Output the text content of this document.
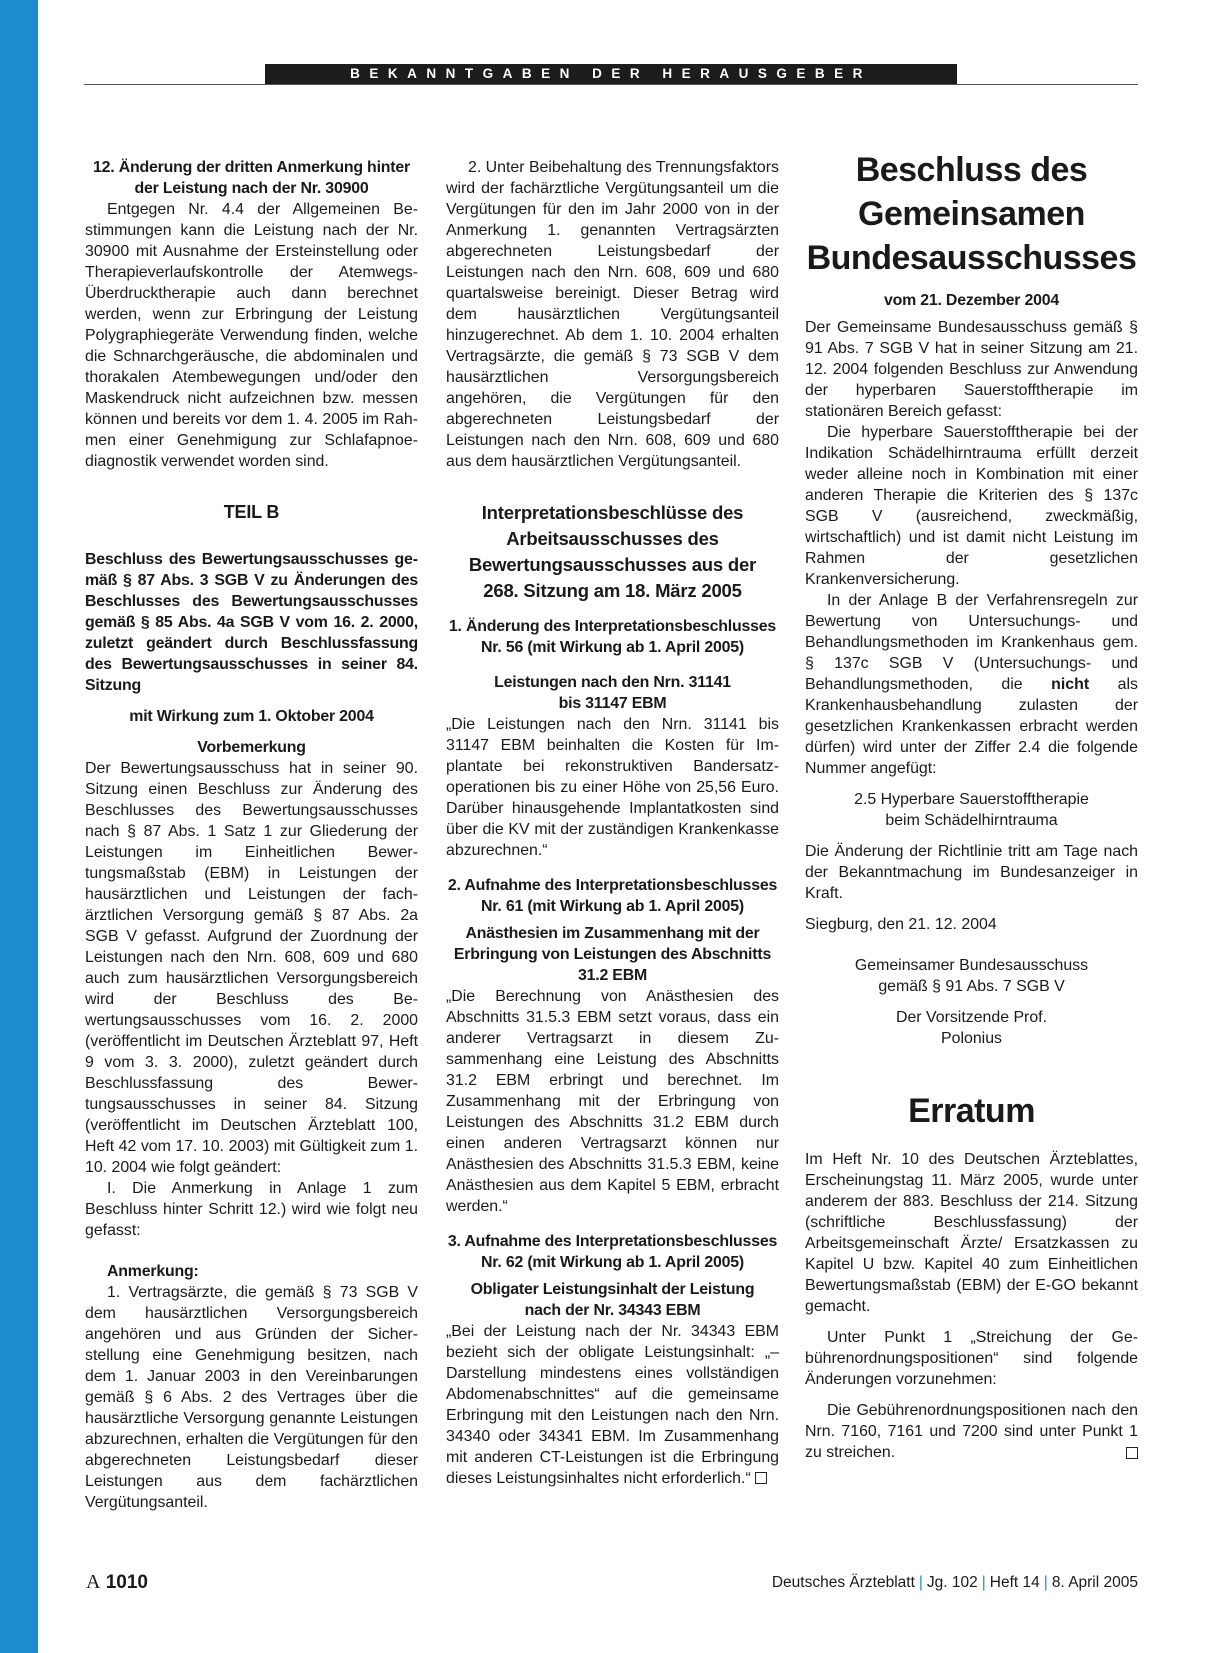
BEKANNTGABEN DER HERAUSGEBER

12. Änderung der dritten Anmerkung hinter der Leistung nach der Nr. 30900

Entgegen Nr. 4.4 der Allgemeinen Bestimmungen kann die Leistung nach der Nr. 30900 mit Ausnahme der Ersteinstellung oder Therapieverlaufskontrolle der Atemwegs-Überdrucktherapie auch dann berechnet werden, wenn zur Erbringung der Leistung Polygraphiegeräte Verwendung finden, welche die Schnarchgeräusche, die abdominalen und thorakalen Atembewegungen und/oder den Maskendruck nicht aufzeichnen bzw. messen können und bereits vor dem 1. 4. 2005 im Rahmen einer Genehmigung zur Schlafapnoediagnostik verwendet worden sind.

TEIL B

Beschluss des Bewertungsausschusses gemäß § 87 Abs. 3 SGB V zu Änderungen des Beschlusses des Bewertungsausschusses gemäß § 85 Abs. 4a SGB V vom 16. 2. 2000, zuletzt geändert durch Beschlussfassung des Bewertungsausschusses in seiner 84. Sitzung

mit Wirkung zum 1. Oktober 2004

Vorbemerkung

Der Bewertungsausschuss hat in seiner 90. Sitzung einen Beschluss zur Änderung des Beschlusses des Bewertungsausschusses nach § 87 Abs. 1 Satz 1 zur Gliederung der Leistungen im Einheitlichen Bewertungsmaßstab (EBM) in Leistungen der hausärztlichen und Leistungen der fachärztlichen Versorgung gemäß § 87 Abs. 2a SGB V gefasst. Aufgrund der Zuordnung der Leistungen nach den Nrn. 608, 609 und 680 auch zum hausärztlichen Versorgungsbereich wird der Beschluss des Bewertungsausschusses vom 16. 2. 2000 (veröffentlicht im Deutschen Ärzteblatt 97, Heft 9 vom 3. 3. 2000), zuletzt geändert durch Beschlussfassung des Bewertungsausschusses in seiner 84. Sitzung (veröffentlicht im Deutschen Ärzteblatt 100, Heft 42 vom 17. 10. 2003) mit Gültigkeit zum 1. 10. 2004 wie folgt geändert:

I. Die Anmerkung in Anlage 1 zum Beschluss hinter Schritt 12.) wird wie folgt neu gefasst:

Anmerkung:

1. Vertragsärzte, die gemäß § 73 SGB V dem hausärztlichen Versorgungsbereich angehören und aus Gründen der Sicherstellung eine Genehmigung besitzen, nach dem 1. Januar 2003 in den Vereinbarungen gemäß § 6 Abs. 2 des Vertrages über die hausärztliche Versorgung genannte Leistungen abzurechnen, erhalten die Vergütungen für den abgerechneten Leistungsbedarf dieser Leistungen aus dem fachärztlichen Vergütungsanteil.

2. Unter Beibehaltung des Trennungsfaktors wird der fachärztliche Vergütungsanteil um die Vergütungen für den im Jahr 2000 von in der Anmerkung 1. genannten Vertragsärzten abgerechneten Leistungsbedarf der Leistungen nach den Nrn. 608, 609 und 680 quartalsweise bereinigt. Dieser Betrag wird dem hausärztlichen Vergütungsanteil hinzugerechnet. Ab dem 1. 10. 2004 erhalten Vertragsärzte, die gemäß § 73 SGB V dem hausärztlichen Versorgungsbereich angehören, die Vergütungen für den abgerechneten Leistungsbedarf der Leistungen nach den Nrn. 608, 609 und 680 aus dem hausärztlichen Vergütungsanteil.

Interpretationsbeschlüsse des Arbeitsausschusses des Bewertungsausschusses aus der 268. Sitzung am 18. März 2005

1. Änderung des Interpretationsbeschlusses Nr. 56 (mit Wirkung ab 1. April 2005)

Leistungen nach den Nrn. 31141 bis 31147 EBM

„Die Leistungen nach den Nrn. 31141 bis 31147 EBM beinhalten die Kosten für Implantate bei rekonstruktiven Bandersatzoperationen bis zu einer Höhe von 25,56 Euro. Darüber hinausgehende Implantatkosten sind über die KV mit der zuständigen Krankenkasse abzurechnen.“

2. Aufnahme des Interpretationsbeschlusses Nr. 61 (mit Wirkung ab 1. April 2005)

Anästhesien im Zusammenhang mit der Erbringung von Leistungen des Abschnitts 31.2 EBM

„Die Berechnung von Anästhesien des Abschnitts 31.5.3 EBM setzt voraus, dass ein anderer Vertragsarzt in diesem Zusammenhang eine Leistung des Abschnitts 31.2 EBM erbringt und berechnet. Im Zusammenhang mit der Erbringung von Leistungen des Abschnitts 31.2 EBM durch einen anderen Vertragsarzt können nur Anästhesien des Abschnitts 31.5.3 EBM, keine Anästhesien aus dem Kapitel 5 EBM, erbracht werden.“

3. Aufnahme des Interpretationsbeschlusses Nr. 62 (mit Wirkung ab 1. April 2005)

Obligater Leistungsinhalt der Leistung nach der Nr. 34343 EBM

„Bei der Leistung nach der Nr. 34343 EBM bezieht sich der obligate Leistungsinhalt: „– Darstellung mindestens eines vollständigen Abdomenabschnittes“ auf die gemeinsame Erbringung mit den Leistungen nach den Nrn. 34340 oder 34341 EBM. Im Zusammenhang mit anderen CT-Leistungen ist die Erbringung dieses Leistungsinhaltes nicht erforderlich.“

Beschluss des Gemeinsamen Bundesausschusses

vom 21. Dezember 2004

Der Gemeinsame Bundesausschuss gemäß § 91 Abs. 7 SGB V hat in seiner Sitzung am 21. 12. 2004 folgenden Beschluss zur Anwendung der hyperbaren Sauerstofftherapie im stationären Bereich gefasst:

Die hyperbare Sauerstofftherapie bei der Indikation Schädelhirntrauma erfüllt derzeit weder alleine noch in Kombination mit einer anderen Therapie die Kriterien des § 137c SGB V (ausreichend, zweckmäßig, wirtschaftlich) und ist damit nicht Leistung im Rahmen der gesetzlichen Krankenversicherung.

In der Anlage B der Verfahrensregeln zur Bewertung von Untersuchungs- und Behandlungsmethoden im Krankenhaus gem. § 137c SGB V (Untersuchungs- und Behandlungsmethoden, die nicht als Krankenhausbehandlung zulasten der gesetzlichen Krankenkassen erbracht werden dürfen) wird unter der Ziffer 2.4 die folgende Nummer angefügt:

2.5 Hyperbare Sauerstofftherapie beim Schädelhirntrauma

Die Änderung der Richtlinie tritt am Tage nach der Bekanntmachung im Bundesanzeiger in Kraft.

Siegburg, den 21. 12. 2004

Gemeinsamer Bundesausschuss gemäß § 91 Abs. 7 SGB V

Der Vorsitzende Prof. Polonius

Erratum

Im Heft Nr. 10 des Deutschen Ärzteblattes, Erscheinungstag 11. März 2005, wurde unter anderem der 883. Beschluss der 214. Sitzung (schriftliche Beschlussfassung) der Arbeitsgemeinschaft Ärzte/ Ersatzkassen zu Kapitel U bzw. Kapitel 40 zum Einheitlichen Bewertungsmaßstab (EBM) der E-GO bekannt gemacht.

Unter Punkt 1 „Streichung der Gebührenordnungspositionen“ sind folgende Änderungen vorzunehmen:

Die Gebührenordnungspositionen nach den Nrn. 7160, 7161 und 7200 sind unter Punkt 1 zu streichen.

A 1010	Deutsches Ärzteblatt | Jg. 102 | Heft 14 | 8. April 2005
